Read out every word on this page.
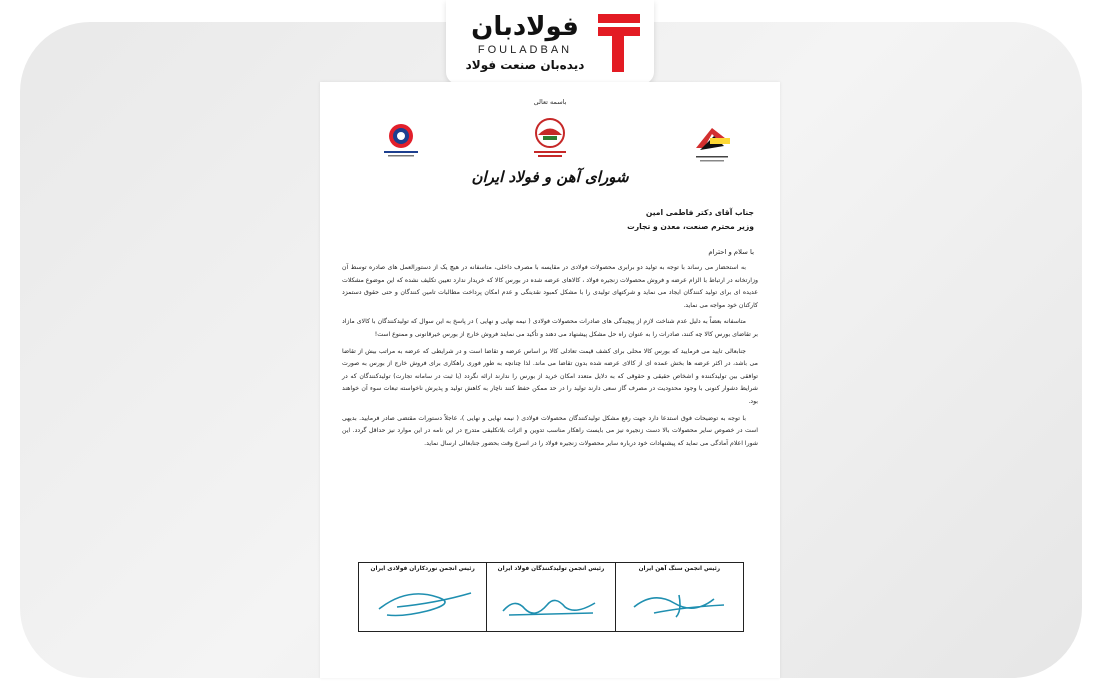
فولادبان
FOULADBAN
دیده‌بان صنعت فولاد
باسمه تعالی
شورای آهن و فولاد ایران
جناب آقای دکتر فاطمی امین
وزیر محترم صنعت، معدن و تجارت
با سلام و احترام

به استحضار می رساند با توجه به تولید دو برابری محصولات فولادی در مقایسه با مصرف داخلی، متاسفانه در هیچ یک از دستورالعمل های صادره توسط آن وزارتخانه در ارتباط با الزام عرضه و فروش محصولات زنجیره فولاد ، کالاهای عرضه شده در بورس کالا که خریدار ندارد تعیین تکلیف نشده که این موضوع مشکلات عدیده ای برای تولید کنندگان ایجاد می نماید و شرکتهای تولیدی را با مشکل کمبود نقدینگی و عدم امکان پرداخت مطالبات تامین کنندگان و حتی حقوق دستمزد کارکنان خود مواجه می نماید.

متاسفانه بعضاً به دلیل عدم شناخت لازم از پیچیدگی های صادرات محصولات فولادی ( نیمه نهایی و نهایی ) در پاسخ به این سوال که تولیدکنندگان با کالای مازاد بر تقاضای بورس کالا چه کنند، صادرات را به عنوان راه حل مشکل پیشنهاد می دهند و تأکید می نمایند فروش خارج از بورس خیرقانونی و ممنوع است!

جنابعالی تایید می فرمایید که بورس کالا محلی برای کشف قیمت تعادلی کالا بر اساس عرضه و تقاضا است و در شرایطی که عرضه به مراتب بیش از تقاضا می باشد، در اکثر عرضه ها بخش عمده ای از کالای عرضه شده بدون تقاضا می ماند. لذا چنانچه به طور فوری راهکاری برای فروش خارج از بورس به صورت توافقی بین تولیدکننده و اشخاص حقیقی و حقوقی که به دلایل متعدد امکان خرید از بورس را ندارند ارائه نگردد (با ثبت در سامانه تجارت) تولیدکنندگان که در شرایط دشوار کنونی با وجود محدودیت در مصرف گاز سعی دارند تولید را در حد ممکن حفظ کنند ناچار به کاهش تولید و پذیرش ناخواسته تبعات سوء آن خواهند بود.

با توجه به توضیحات فوق استدعا دارد جهت رفع مشکل تولیدکنندگان محصولات فولادی ( نیمه نهایی و نهایی )، عاجلاً دستورات مقتضی صادر فرمایید. بدیهی است در خصوص سایر محصولات بالا دست زنجیره نیز می بایست راهکار مناسب تدوین و اثرات بلاتکلیفی متدرج در این نامه در این موارد نیز حداقل گردد. این شورا اعلام آمادگی می نماید که پیشنهادات خود درباره سایر محصولات زنجیره فولاد را در اسرع وقت بحضور جنابعالی ارسال نماید.

رئیس انجمن سنگ آهن ایران
رئیس انجمن تولیدکنندگان فولاد ایران
رئیس انجمن نوردکاران فولادی ایران
